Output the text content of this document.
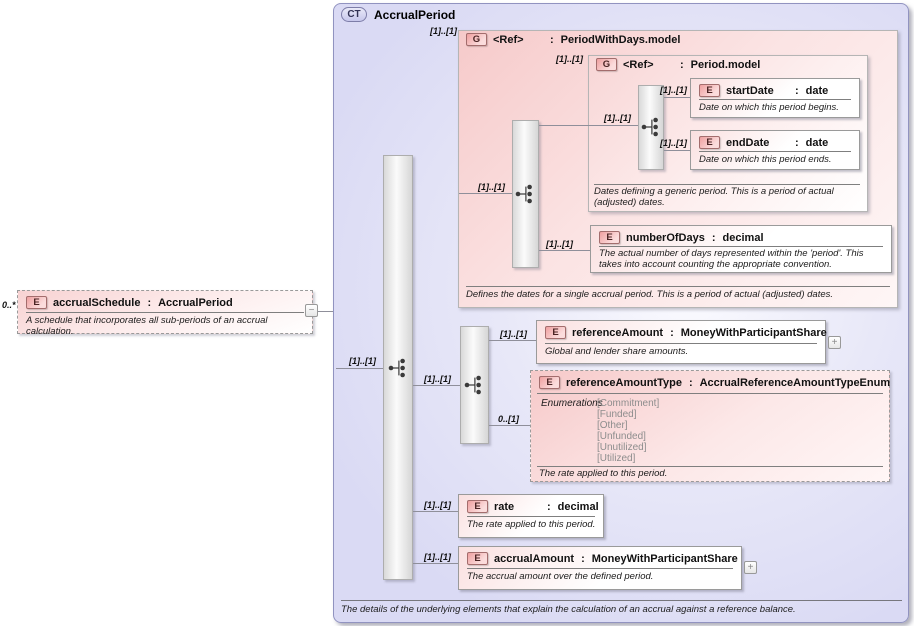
CT	AccrualPeriod
The details of the underlying elements that explain the calculation of an accrual against a reference balance.
0..*	E	accrualSchedule : AccrualPeriod
A schedule that incorporates all sub-periods of an accrual calculation.
−
[1]..[1]
[1]..[1]
G	<Ref>	: PeriodWithDays.model
Defines the dates for a single accrual period. This is a period of actual (adjusted) dates.
[1]..[1]
[1]..[1]	G	<Ref>	: Period.model
Dates defining a generic period. This is a period of actual (adjusted) dates.
[1]..[1]
[1]..[1]	E	startDate	: date
Date on which this period begins.
[1]..[1]	E	endDate	: date
Date on which this period ends.
[1]..[1]
E	numberOfDays : decimal
The actual number of days represented within the 'period'. This takes into account counting the appropriate convention.
[1]..[1]
[1]..[1]	E	referenceAmount : MoneyWithParticipantShare
Global and lender share amounts.
+
0..[1]
E	referenceAmountType : AccrualReferenceAmountTypeEnum
Enumerations
[Commitment]
[Funded]
[Other]
[Unfunded]
[Unutilized]
[Utilized]
The rate applied to this period.
[1]..[1]	E	rate	: decimal
The rate applied to this period.
[1]..[1]	E	accrualAmount : MoneyWithParticipantShare
The accrual amount over the defined period.
+
